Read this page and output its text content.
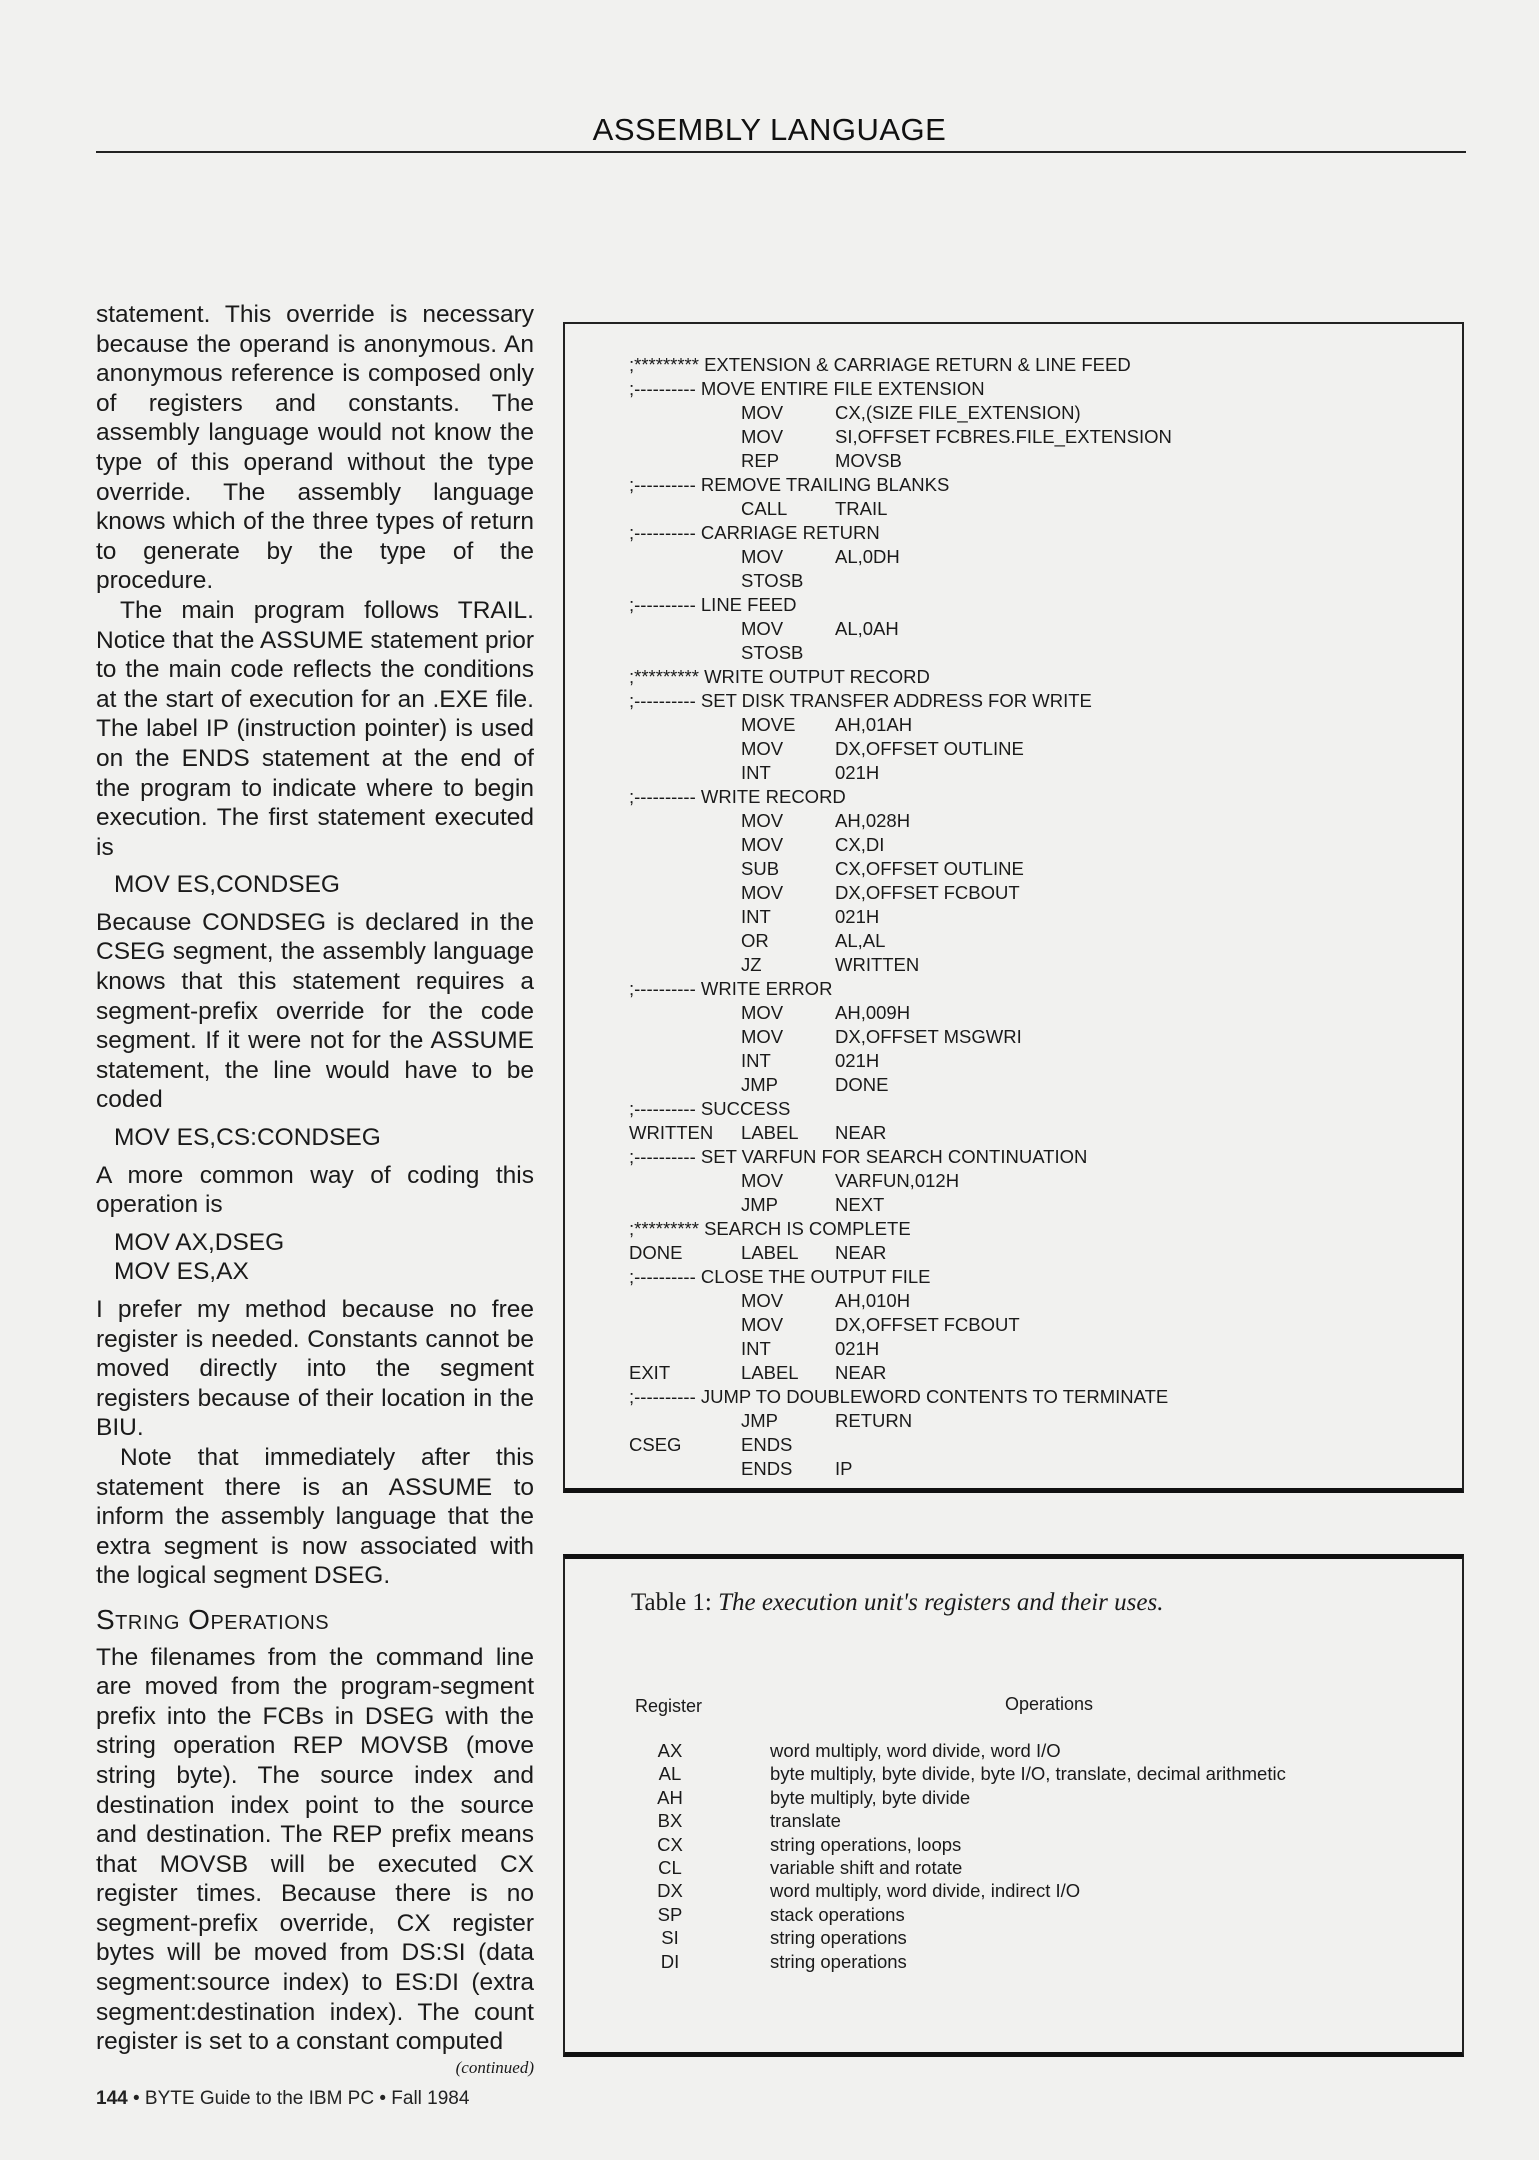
ASSEMBLY LANGUAGE

statement. This override is necessary because the operand is anonymous. An anonymous reference is composed only of registers and constants. The assembly language would not know the type of this operand without the type override. The assembly language knows which of the three types of return to generate by the type of the procedure.

The main program follows TRAIL. Notice that the ASSUME statement prior to the main code reflects the conditions at the start of execution for an .EXE file. The label IP (instruction pointer) is used on the ENDS statement at the end of the program to indicate where to begin execution. The first statement executed is

MOV ES,CONDSEG

Because CONDSEG is declared in the CSEG segment, the assembly language knows that this statement requires a segment-prefix override for the code segment. If it were not for the ASSUME statement, the line would have to be coded

MOV ES,CS:CONDSEG

A more common way of coding this operation is

MOV AX,DSEG
MOV ES,AX

I prefer my method because no free register is needed. Constants cannot be moved directly into the segment registers because of their location in the BIU.

Note that immediately after this statement there is an ASSUME to inform the assembly language that the extra segment is now associated with the logical segment DSEG.

String Operations

The filenames from the command line are moved from the program-segment prefix into the FCBs in DSEG with the string operation REP MOVSB (move string byte). The source index and destination index point to the source and destination. The REP prefix means that MOVSB will be executed CX register times. Because there is no segment-prefix override, CX register bytes will be moved from DS:SI (data segment:source index) to ES:DI (extra segment:destination index). The count register is set to a constant computed

(continued)
;********* EXTENSION & CARRIAGE RETURN & LINE FEED
;---------- MOVE ENTIRE FILE EXTENSION
MOV	CX,(SIZE FILE_EXTENSION)
MOV	SI,OFFSET FCBRES.FILE_EXTENSION
REP	MOVSB
;---------- REMOVE TRAILING BLANKS
CALL	TRAIL
;---------- CARRIAGE RETURN
MOV	AL,0DH
STOSB
;---------- LINE FEED
MOV	AL,0AH
STOSB
;********* WRITE OUTPUT RECORD
;---------- SET DISK TRANSFER ADDRESS FOR WRITE
MOVE AH,01AH
MOV	DX,OFFSET OUTLINE
INT	021H
;---------- WRITE RECORD
MOV	AH,028H
MOV	CX,DI
SUB	CX,OFFSET OUTLINE
MOV	DX,OFFSET FCBOUT
INT	021H
OR	AL,AL
JZ	WRITTEN
;---------- WRITE ERROR
MOV	AH,009H
MOV	DX,OFFSET MSGWRI
INT	021H
JMP	DONE
;---------- SUCCESS
WRITTEN LABEL NEAR
;---------- SET VARFUN FOR SEARCH CONTINUATION
MOV	VARFUN,012H
JMP	NEXT
;********* SEARCH IS COMPLETE
DONE	LABEL NEAR
;---------- CLOSE THE OUTPUT FILE
MOV	AH,010H
MOV	DX,OFFSET FCBOUT
INT	021H
EXIT	LABEL NEAR
;---------- JUMP TO DOUBLEWORD CONTENTS TO TERMINATE
JMP	RETURN
CSEG	ENDS
ENDS IP
Table 1: The execution unit's registers and their uses.
Register	Operations
AX	word multiply, word divide, word I/O
AL	byte multiply, byte divide, byte I/O, translate, decimal arithmetic
AH	byte multiply, byte divide
BX	translate
CX	string operations, loops
CL	variable shift and rotate
DX	word multiply, word divide, indirect I/O
SP	stack operations
SI	string operations
DI	string operations
144 • BYTE Guide to the IBM PC • Fall 1984
